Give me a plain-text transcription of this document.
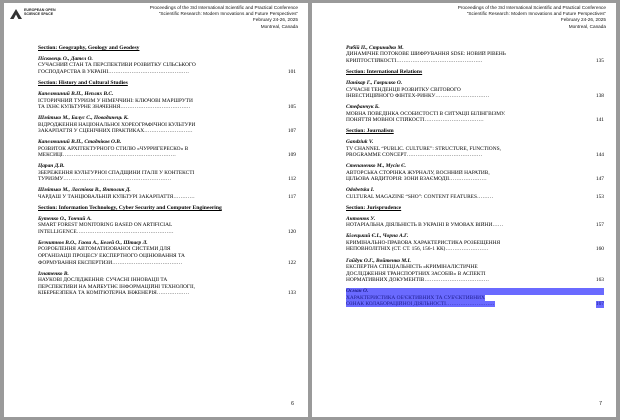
EUROPEAN OPEN
SCIENCE SPACE
Proceedings of the 3rd International Scientific and Practical Conference
“Scientific Research: Modern Innovations and Future Perspectives”
February 24-26, 2025
Montreal, Canada
Section: Geography, Geology and Geodesy
Пісковець О., Дател О.
СУЧАСНИЙ СТАН ТА ПЕРСПЕКТИВИ РОЗВИТКУ СІЛЬСЬКОГО
ГОСПОДАРСТВА В УКРАЇНІ………………………………………	101
Section: History and Cultural Studies
Капелюшний В.П., Неплях В.С.
ІСТОРИЧНИЙ ТУРИЗМ У НІМЕЧЧИНІ: КЛЮЧОВІ МАРШРУТИ
ТА ЇХНЄ КУЛЬТУРНЕ ЗНАЧЕННЯ…………………………………	105
Шмітько М., Балус С., Повадинець К.
ВІДРОДЖЕННЯ НАЦІОНАЛЬНОЇ ХОРЕОГРАФІЧНОЇ КУЛЬТУРИ
ЗАКАРПАТТЯ У СЦЕНІЧНИХ ПРАКТИКАХ………………………	107
Капелюшний В.П., Стадніков О.В.
РОЗВИТОК АРХІТЕКТУРНОГО СТИЛЮ «ЧУРРИГЕРЕСКО» В
МЕКСИЦІ………………………………………………………	109
Царан Д.В.
ЗБЕРЕЖЕННЯ КУЛЬТУРНОЇ СПАДЩИНИ ІТАЛІЇ У КОНТЕКСТІ
ТУРИЗМУ……………………………………………………	112
Шмітько М., Ластівка В., Янтолик Д.
ЧАРДАШ У ТАНЦЮВАЛЬНІЙ КУЛЬТУРІ ЗАКАРПАТТЯ…………	117
Section: Information Technology, Cyber Security and Computer Engineering
Бутенко О., Тончий А.
SMART FOREST MONITORING BASED ON ARTIFICIAL
INTELLIGENCE………………………………………………	120
Безчитнов В.О., Гаєва А., Белей О., Штаєр Л.
РОЗРОБЛЕННЯ АВТОМАТИЗОВАНОЇ СИСТЕМИ ДЛЯ
ОРГАНІЗАЦІЇ ПРОЦЕСУ ЕКСПЕРТНОГО ОЦІНЮВАННЯ ТА
ФОРМУВАННЯ ЕКСПЕРТИЗИ…………………………………	122
Ігнатенко В.
НАУКОВІ ДОСЛІДЖЕННЯ: СУЧАСНІ ІННОВАЦІЇ ТА
ПЕРСПЕКТИВИ НА МАЙБУТНЄ ІНФОРМАЦІЙНІ ТЕХНОЛОГІЇ,
КІБЕРБЕЗПЕКА ТА КОМП'ЮТЕРНА ІНЖЕНЕРІЯ………………	133
6
Proceedings of the 3rd International Scientific and Practical Conference
“Scientific Research: Modern Innovations and Future Perspectives”
February 24-26, 2025
Montreal, Canada
Рибій П., Стринадко М.
ДИНАМІЧНЕ ПОТОКОВЕ ШИФРУВАННЯ SDSE: НОВИЙ РІВЕНЬ
КРИПТОСТІЙКОСТІ…………………………………………	135
Section: International Relations
Панікар Г., Гаврилко О.
СУЧАСНІ ТЕНДЕНЦІЇ РОЗВИТКУ СВІТОВОГО
ІНВЕСТИЦІЙНОГО ФІНТЕХ-РИНКУ…………………………	138
Стефанчук Б.
МОВНА ПОВЕДІНКА ОСОБИСТОСТІ В СИТУАЦІЇ БІЛІНГВІЗМУ.
ПОНЯТТЯ МОВНОЇ СТІЙКОСТІ……………………………	141
Section: Journalism
Gandziuk V.
TV CHANNEL “PUBLIC. CULTURE”: STRUCTURE, FUNCTIONS,
PROGRAMME CONCEPT……………………………………	144
Степаненко М., Мусін Є.
АВТОРСЬКА СТОРІНКА ЖУРНАЛУ, ВОСННИЙ НАРАТИВ,
ЦІЛЬОВА АВДИТОРІЯ: ЗОНИ ВЗАЄМОДІЇ…………………	147
Odobetska I.
CULTURAL MAGAZINE “SHO”: CONTENT FEATURES………	153
Section: Jurisprudence
Антонюк У.
НОТАРІАЛЬНА ДІЯЛЬНІСТЬ В УКРАЇНІ В УМОВАХ ВІЙНИ……	157
Білецький Є.І., Чорна А.Г.
КРИМІНАЛЬНО-ПРАВОВА ХАРАКТЕРИСТИКА РОЗБЕЩЕННЯ
НЕПОВНОЛІТНІХ (СТ. СТ. 156, 156-1 КК)……………………	160
Гайдук О.Г., Войтенко М.І.
ЕКСПЕРТНА СПЕЦІАЛЬНІСТЬ «КРИМІНАЛІСТИЧНЕ
ДОСЛІДЖЕННЯ ТРАНСПОРТНИХ ЗАСОБІВ» В АСПЕКТІ
НОРМАТИВНИХ ДОКУМЕНТІВ………………………………	163
Осман О.
ХАРАКТЕРИСТИКА ОБ'ЄКТИВНИХ ТА СУБ'ЄКТИВНИХ
ОЗНАК КОЛАБОРАЦІЙНОЇ ДІЯЛЬНОСТІ………………………	167
7
